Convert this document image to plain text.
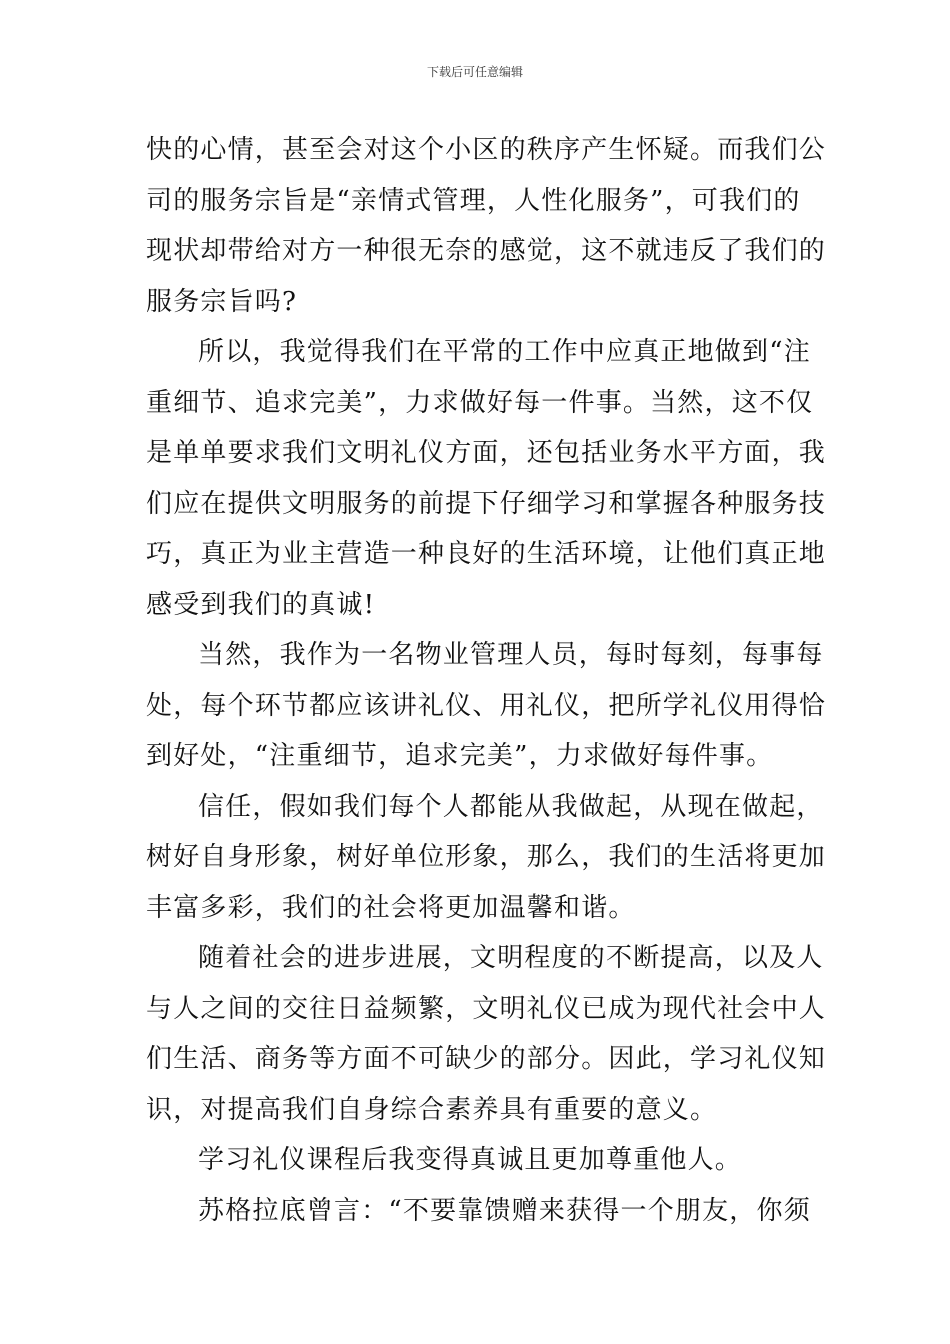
下载后可任意编辑
快的心情，甚至会对这个小区的秩序产生怀疑。而我们公
司的服务宗旨是“亲情式管理，人性化服务”，可我们的
现状却带给对方一种很无奈的感觉，这不就违反了我们的
服务宗旨吗?
所以，我觉得我们在平常的工作中应真正地做到“注
重细节、追求完美”，力求做好每一件事。当然，这不仅
是单单要求我们文明礼仪方面，还包括业务水平方面，我
们应在提供文明服务的前提下仔细学习和掌握各种服务技
巧，真正为业主营造一种良好的生活环境，让他们真正地
感受到我们的真诚!
当然，我作为一名物业管理人员，每时每刻，每事每
处，每个环节都应该讲礼仪、用礼仪，把所学礼仪用得恰
到好处，“注重细节，追求完美”，力求做好每件事。
信任，假如我们每个人都能从我做起，从现在做起，
树好自身形象，树好单位形象，那么，我们的生活将更加
丰富多彩，我们的社会将更加温馨和谐。
随着社会的进步进展，文明程度的不断提高，以及人
与人之间的交往日益频繁，文明礼仪已成为现代社会中人
们生活、商务等方面不可缺少的部分。因此，学习礼仪知
识，对提高我们自身综合素养具有重要的意义。
学习礼仪课程后我变得真诚且更加尊重他人。
苏格拉底曾言：“不要靠馈赠来获得一个朋友，你须
